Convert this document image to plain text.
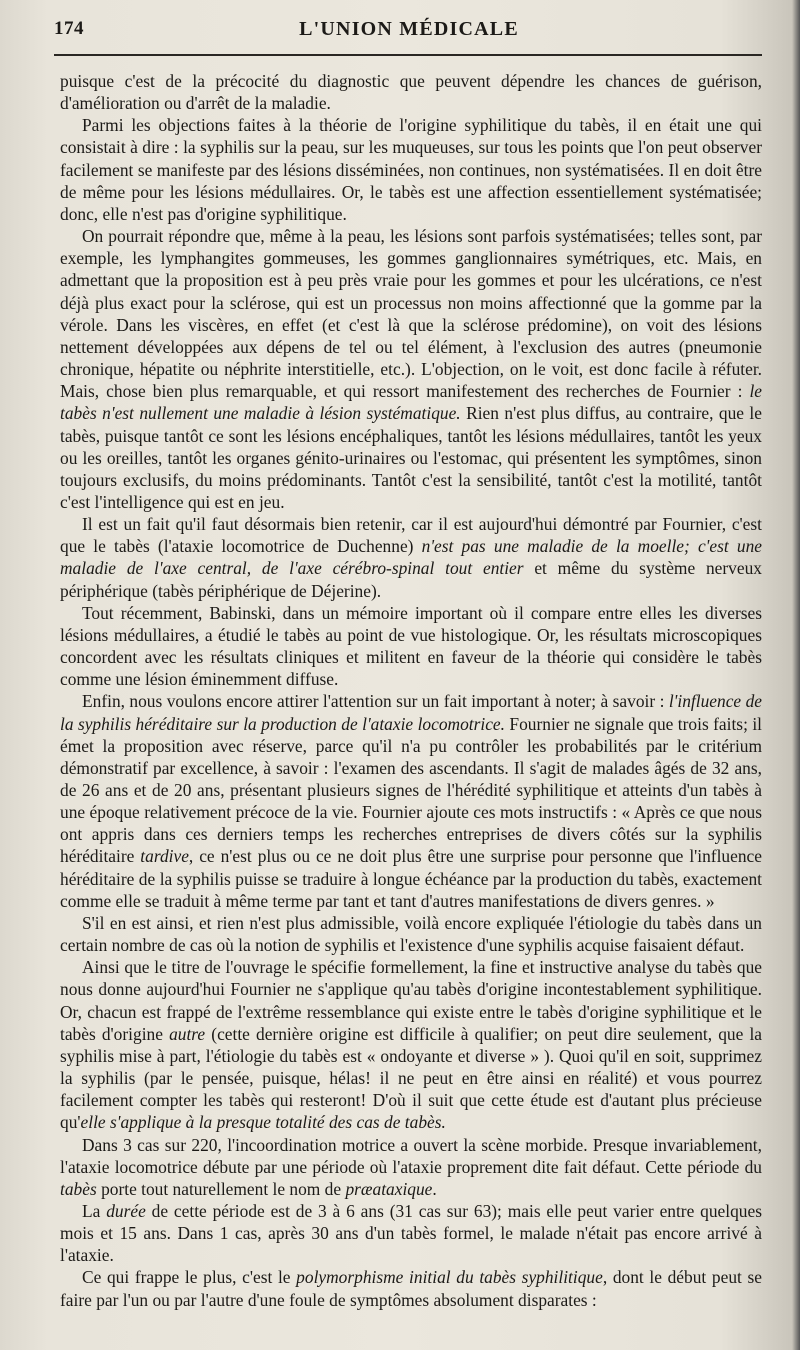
174	L'UNION MÉDICALE

puisque c'est de la précocité du diagnostic que peuvent dépendre les chances de guérison, d'amélioration ou d'arrêt de la maladie.

Parmi les objections faites à la théorie de l'origine syphilitique du tabès, il en était une qui consistait à dire : la syphilis sur la peau, sur les muqueuses, sur tous les points que l'on peut observer facilement se manifeste par des lésions disséminées, non continues, non systématisées. Il en doit être de même pour les lésions médullaires. Or, le tabès est une affection essentiellement systématisée; donc, elle n'est pas d'origine syphilitique.

On pourrait répondre que, même à la peau, les lésions sont parfois systématisées; telles sont, par exemple, les lymphangites gommeuses, les gommes ganglionnaires symétriques, etc. Mais, en admettant que la proposition est à peu près vraie pour les gommes et pour les ulcérations, ce n'est déjà plus exact pour la sclérose, qui est un processus non moins affectionné que la gomme par la vérole. Dans les viscères, en effet (et c'est là que la sclérose prédomine), on voit des lésions nettement développées aux dépens de tel ou tel élément, à l'exclusion des autres (pneumonie chronique, hépatite ou néphrite interstitielle, etc.). L'objection, on le voit, est donc facile à réfuter. Mais, chose bien plus remarquable, et qui ressort manifestement des recherches de Fournier : le tabès n'est nullement une maladie à lésion systématique. Rien n'est plus diffus, au contraire, que le tabès, puisque tantôt ce sont les lésions encéphaliques, tantôt les lésions médullaires, tantôt les yeux ou les oreilles, tantôt les organes génito-urinaires ou l'estomac, qui présentent les symptômes, sinon toujours exclusifs, du moins prédominants. Tantôt c'est la sensibilité, tantôt c'est la motilité, tantôt c'est l'intelligence qui est en jeu.

Il est un fait qu'il faut désormais bien retenir, car il est aujourd'hui démontré par Fournier, c'est que le tabès (l'ataxie locomotrice de Duchenne) n'est pas une maladie de la moelle; c'est une maladie de l'axe central, de l'axe cérébro-spinal tout entier et même du système nerveux périphérique (tabès périphérique de Déjerine).

Tout récemment, Babinski, dans un mémoire important où il compare entre elles les diverses lésions médullaires, a étudié le tabès au point de vue histologique. Or, les résultats microscopiques concordent avec les résultats cliniques et militent en faveur de la théorie qui considère le tabès comme une lésion éminemment diffuse.

Enfin, nous voulons encore attirer l'attention sur un fait important à noter; à savoir : l'influence de la syphilis héréditaire sur la production de l'ataxie locomotrice. Fournier ne signale que trois faits; il émet la proposition avec réserve, parce qu'il n'a pu contrôler les probabilités par le critérium démonstratif par excellence, à savoir : l'examen des ascendants. Il s'agit de malades âgés de 32 ans, de 26 ans et de 20 ans, présentant plusieurs signes de l'hérédité syphilitique et atteints d'un tabès à une époque relativement précoce de la vie. Fournier ajoute ces mots instructifs : « Après ce que nous ont appris dans ces derniers temps les recherches entreprises de divers côtés sur la syphilis héréditaire tardive, ce n'est plus ou ce ne doit plus être une surprise pour personne que l'influence héréditaire de la syphilis puisse se traduire à longue échéance par la production du tabès, exactement comme elle se traduit à même terme par tant et tant d'autres manifestations de divers genres. »

S'il en est ainsi, et rien n'est plus admissible, voilà encore expliquée l'étiologie du tabès dans un certain nombre de cas où la notion de syphilis et l'existence d'une syphilis acquise faisaient défaut.

Ainsi que le titre de l'ouvrage le spécifie formellement, la fine et instructive analyse du tabès que nous donne aujourd'hui Fournier ne s'applique qu'au tabès d'origine incontestablement syphilitique. Or, chacun est frappé de l'extrême ressemblance qui existe entre le tabès d'origine syphilitique et le tabès d'origine autre (cette dernière origine est difficile à qualifier; on peut dire seulement, que la syphilis mise à part, l'étiologie du tabès est « ondoyante et diverse » ). Quoi qu'il en soit, supprimez la syphilis (par le pensée, puisque, hélas! il ne peut en être ainsi en réalité) et vous pourrez facilement compter les tabès qui resteront! D'où il suit que cette étude est d'autant plus précieuse qu'elle s'applique à la presque totalité des cas de tabès.

Dans 3 cas sur 220, l'incoordination motrice a ouvert la scène morbide. Presque invariablement, l'ataxie locomotrice débute par une période où l'ataxie proprement dite fait défaut. Cette période du tabès porte tout naturellement le nom de præataxique.

La durée de cette période est de 3 à 6 ans (31 cas sur 63); mais elle peut varier entre quelques mois et 15 ans. Dans 1 cas, après 30 ans d'un tabès formel, le malade n'était pas encore arrivé à l'ataxie.

Ce qui frappe le plus, c'est le polymorphisme initial du tabès syphilitique, dont le début peut se faire par l'un ou par l'autre d'une foule de symptômes absolument disparates :
